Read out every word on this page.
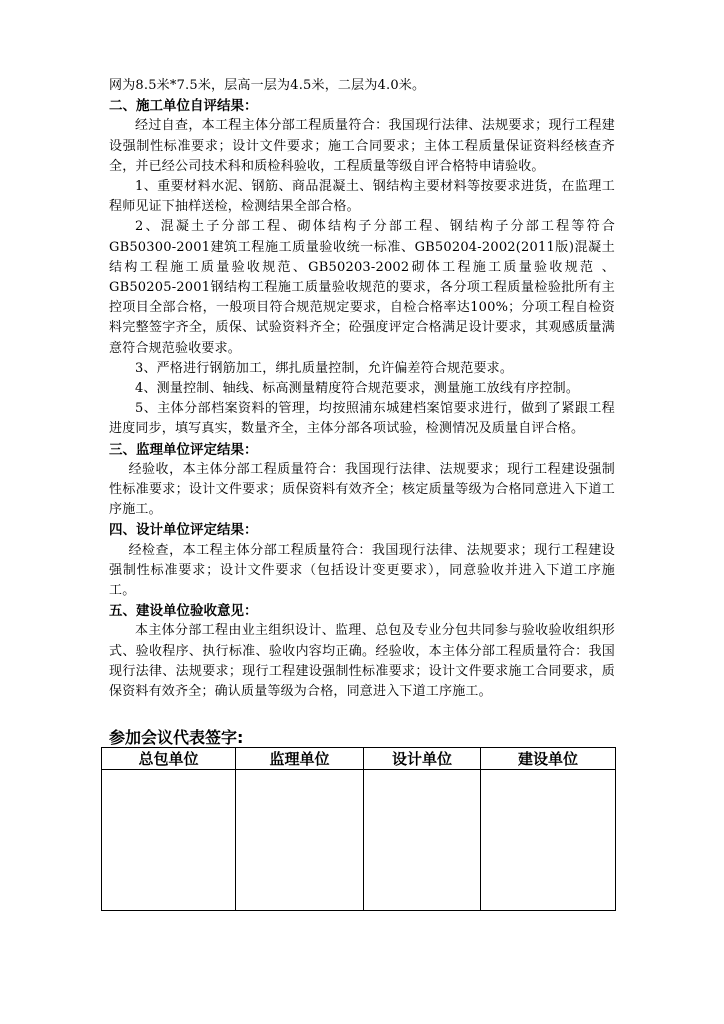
网为8.5米*7.5米，层高一层为4.5米，二层为4.0米。

二、施工单位自评结果：

经过自查，本工程主体分部工程质量符合：我国现行法律、法规要求；现行工程建设强制性标准要求；设计文件要求；施工合同要求；主体工程质量保证资料经核查齐全，并已经公司技术科和质检科验收，工程质量等级自评合格特申请验收。

1、重要材料水泥、钢筋、商品混凝土、钢结构主要材料等按要求进货，在监理工程师见证下抽样送检，检测结果全部合格。

2、混凝土子分部工程、砌体结构子分部工程、钢结构子分部工程等符合GB50300-2001建筑工程施工质量验收统一标准、GB50204-2002(2011版)混凝土结构工程施工质量验收规范、GB50203-2002砌体工程施工质量验收规范 、GB50205-2001钢结构工程施工质量验收规范的要求，各分项工程质量检验批所有主控项目全部合格，一般项目符合规范规定要求，自检合格率达100%；分项工程自检资料完整签字齐全，质保、试验资料齐全；砼强度评定合格满足设计要求，其观感质量满意符合规范验收要求。

3、严格进行钢筋加工，绑扎质量控制，允许偏差符合规范要求。

4、测量控制、轴线、标高测量精度符合规范要求，测量施工放线有序控制。

5、主体分部档案资料的管理，均按照浦东城建档案馆要求进行，做到了紧跟工程进度同步，填写真实，数量齐全，主体分部各项试验，检测情况及质量自评合格。

三、监理单位评定结果：

经验收，本主体分部工程质量符合：我国现行法律、法规要求；现行工程建设强制性标准要求；设计文件要求；质保资料有效齐全；核定质量等级为合格同意进入下道工序施工。

四、设计单位评定结果：

经检查，本工程主体分部工程质量符合：我国现行法律、法规要求；现行工程建设强制性标准要求；设计文件要求（包括设计变更要求），同意验收并进入下道工序施工。

五、建设单位验收意见：

本主体分部工程由业主组织设计、监理、总包及专业分包共同参与验收验收组织形式、验收程序、执行标准、验收内容均正确。经验收，本主体分部工程质量符合：我国现行法律、法规要求；现行工程建设强制性标准要求；设计文件要求施工合同要求，质保资料有效齐全；确认质量等级为合格，同意进入下道工序施工。

参加会议代表签字:
总包单位	监理单位	设计单位	建设单位
